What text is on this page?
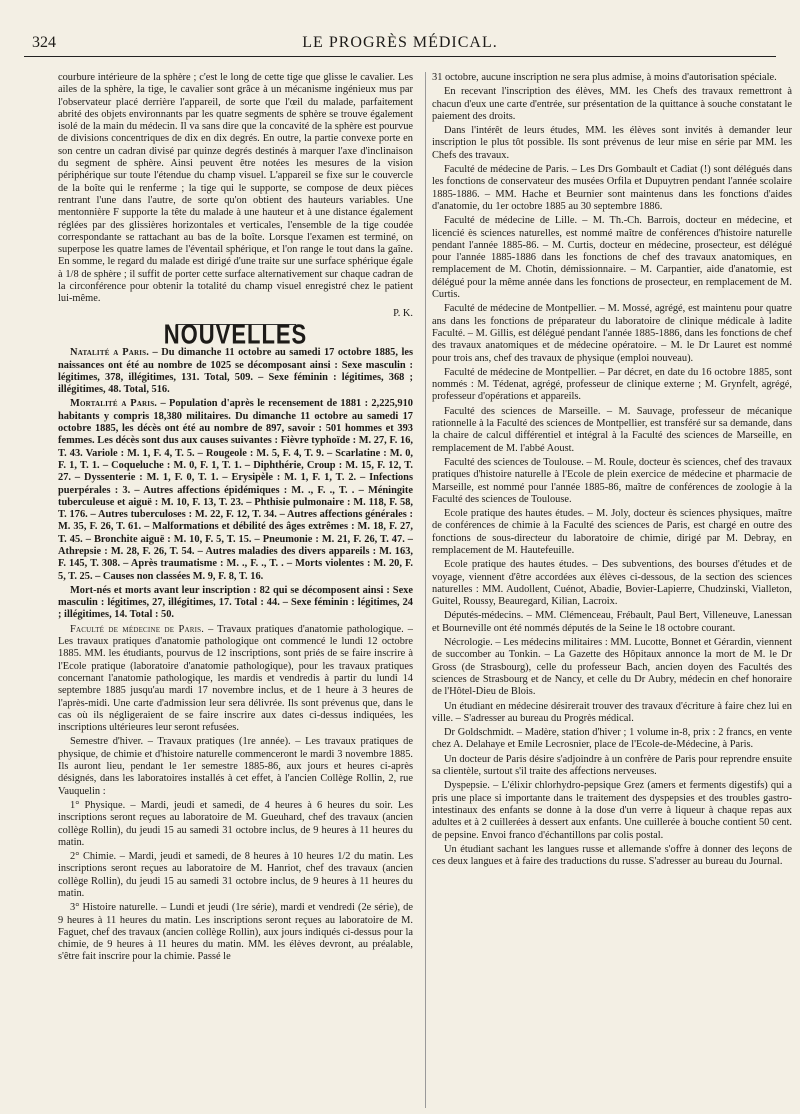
324	LE PROGRÈS MÉDICAL.

courbure intérieure de la sphère ; c'est le long de cette tige que glisse le cavalier. Les ailes de la sphère, la tige, le cavalier sont grâce à un mécanisme ingénieux mus par l'observateur placé derrière l'appareil, de sorte que l'œil du malade, parfaitement abrité des objets environnants par les quatre segments de sphère se trouve également isolé de la main du médecin. Il va sans dire que la concavité de la sphère est pourvue de divisions concentriques de dix en dix degrés. En outre, la partie convexe porte en son centre un cadran divisé par quinze degrés destinés à marquer l'axe d'inclinaison du segment de sphère. Ainsi peuvent être notées les mesures de la vision périphérique sur toute l'étendue du champ visuel. L'appareil se fixe sur le couvercle de la boîte qui le renferme ; la tige qui le supporte, se compose de deux pièces rentrant l'une dans l'autre, de sorte qu'on obtient des hauteurs variables. Une mentonnière F supporte la tête du malade à une hauteur et à une distance également réglées par des glissières horizontales et verticales, l'ensemble de la tige coudée correspondante se rattachant au bas de la boîte. Lorsque l'examen est terminé, on superpose les quatre lames de l'éventail sphérique, et l'on range le tout dans la gaîne. En somme, le regard du malade est dirigé d'une traite sur une surface sphérique égale à 1/8 de sphère ; il suffit de porter cette surface alternativement sur chaque cadran de la circonférence pour obtenir la totalité du champ visuel enregistré chez le patient lui-même.

P. K.
NOUVELLES

Natalité a Paris. – Du dimanche 11 octobre au samedi 17 octobre 1885, les naissances ont été au nombre de 1025 se décomposant ainsi : Sexe masculin : légitimes, 378, illégitimes, 131. Total, 509. – Sexe féminin : légitimes, 368 ; illégitimes, 48. Total, 516.

Mortalité a Paris. – Population d'après le recensement de 1881 : 2,225,910 habitants y compris 18,380 militaires. Du dimanche 11 octobre au samedi 17 octobre 1885, les décès ont été au nombre de 897, savoir : 501 hommes et 393 femmes. Les décès sont dus aux causes suivantes : Fièvre typhoïde : M. 27, F. 16, T. 43. Variole : M. 1, F. 4, T. 5. – Rougeole : M. 5, F. 4, T. 9. – Scarlatine : M. 0, F. 1, T. 1. – Coqueluche : M. 0, F. 1, T. 1. – Diphthérie, Croup : M. 15, F. 12, T. 27. – Dyssenterie : M. 1, F. 0, T. 1. – Erysipèle : M. 1, F. 1, T. 2. – Infections puerpérales : 3. – Autres affections épidémiques : M. ., F. ., T. . – Méningite tuberculeuse et aiguë : M. 10, F. 13, T. 23. – Phthisie pulmonaire : M. 118, F. 58, T. 176. – Autres tuberculoses : M. 22, F. 12, T. 34. – Autres affections générales : M. 35, F. 26, T. 61. – Malformations et débilité des âges extrêmes : M. 18, F. 27, T. 45. – Bronchite aiguë : M. 10, F. 5, T. 15. – Pneumonie : M. 21, F. 26, T. 47. – Athrepsie : M. 28, F. 26, T. 54. – Autres maladies des divers appareils : M. 163, F. 145, T. 308. – Après traumatisme : M. ., F. ., T. . – Morts violentes : M. 20, F. 5, T. 25. – Causes non classées M. 9, F. 8, T. 16.

Mort-nés et morts avant leur inscription : 82 qui se décomposent ainsi : Sexe masculin : légitimes, 27, illégitimes, 17. Total : 44. – Sexe féminin : légitimes, 24 ; illégitimes, 14. Total : 50.

Faculté de médecine de Paris. – Travaux pratiques d'anatomie pathologique. – Les travaux pratiques d'anatomie pathologique ont commencé le lundi 12 octobre 1885. MM. les étudiants, pourvus de 12 inscriptions, sont priés de se faire inscrire à l'Ecole pratique (laboratoire d'anatomie pathologique), pour les travaux pratiques concernant l'anatomie pathologique, les mardis et vendredis à partir du lundi 14 septembre 1885 jusqu'au mardi 17 novembre inclus, et de 1 heure à 3 heures de l'après-midi. Une carte d'admission leur sera délivrée. Ils sont prévenus que, dans le cas où ils négligeraient de se faire inscrire aux dates ci-dessus indiquées, les inscriptions ultérieures leur seront refusées.

Semestre d'hiver. – Travaux pratiques (1re année). – Les travaux pratiques de physique, de chimie et d'histoire naturelle commenceront le mardi 3 novembre 1885. Ils auront lieu, pendant le 1er semestre 1885-86, aux jours et heures ci-après désignés, dans les laboratoires installés à cet effet, à l'ancien Collège Rollin, 2, rue Vauquelin :

1° Physique. – Mardi, jeudi et samedi, de 4 heures à 6 heures du soir. Les inscriptions seront reçues au laboratoire de M. Gueuhard, chef des travaux (ancien collège Rollin), du jeudi 15 au samedi 31 octobre inclus, de 9 heures à 11 heures du matin.

2° Chimie. – Mardi, jeudi et samedi, de 8 heures à 10 heures 1/2 du matin. Les inscriptions seront reçues au laboratoire de M. Hanriot, chef des travaux (ancien collège Rollin), du jeudi 15 au samedi 31 octobre inclus, de 9 heures à 11 heures du matin.

3° Histoire naturelle. – Lundi et jeudi (1re série), mardi et vendredi (2e série), de 9 heures à 11 heures du matin. Les inscriptions seront reçues au laboratoire de M. Faguet, chef des travaux (ancien collège Rollin), aux jours indiqués ci-dessus pour la chimie, de 9 heures à 11 heures du matin. MM. les élèves devront, au préalable, s'être fait inscrire pour la chimie. Passé le

31 octobre, aucune inscription ne sera plus admise, à moins d'autorisation spéciale.

En recevant l'inscription des élèves, MM. les Chefs des travaux remettront à chacun d'eux une carte d'entrée, sur présentation de la quittance à souche constatant le paiement des droits.

Dans l'intérêt de leurs études, MM. les élèves sont invités à demander leur inscription le plus tôt possible. Ils sont prévenus de leur mise en série par MM. les Chefs des travaux.

Faculté de médecine de Paris. – Les Drs Gombault et Cadiat (!) sont délégués dans les fonctions de conservateur des musées Orfila et Dupuytren pendant l'année scolaire 1885-1886. – MM. Hache et Beurnier sont maintenus dans les fonctions d'aides d'anatomie, du 1er octobre 1885 au 30 septembre 1886.

Faculté de médecine de Lille. – M. Th.-Ch. Barrois, docteur en médecine, et licencié ès sciences naturelles, est nommé maître de conférences d'histoire naturelle pendant l'année 1885-86. – M. Curtis, docteur en médecine, prosecteur, est délégué pour l'année 1885-1886 dans les fonctions de chef des travaux anatomiques, en remplacement de M. Chotin, démissionnaire. – M. Carpantier, aide d'anatomie, est délégué pour la même année dans les fonctions de prosecteur, en remplacement de M. Curtis.

Faculté de médecine de Montpellier. – M. Mossé, agrégé, est maintenu pour quatre ans dans les fonctions de préparateur du laboratoire de clinique médicale à ladite Faculté. – M. Gillis, est délégué pendant l'année 1885-1886, dans les fonctions de chef des travaux anatomiques et de médecine opératoire. – M. le Dr Lauret est nommé pour trois ans, chef des travaux de physique (emploi nouveau).

Faculté de médecine de Montpellier. – Par décret, en date du 16 octobre 1885, sont nommés : M. Tédenat, agrégé, professeur de clinique externe ; M. Grynfelt, agrégé, professeur d'opérations et appareils.

Faculté des sciences de Marseille. – M. Sauvage, professeur de mécanique rationnelle à la Faculté des sciences de Montpellier, est transféré sur sa demande, dans la chaire de calcul différentiel et intégral à la Faculté des sciences de Marseille, en remplacement de M. l'abbé Aoust.

Faculté des sciences de Toulouse. – M. Roule, docteur ès sciences, chef des travaux pratiques d'histoire naturelle à l'Ecole de plein exercice de médecine et pharmacie de Marseille, est nommé pour l'année 1885-86, maître de conférences de zoologie à la Faculté des sciences de Toulouse.

Ecole pratique des hautes études. – M. Joly, docteur ès sciences physiques, maître de conférences de chimie à la Faculté des sciences de Paris, est chargé en outre des fonctions de sous-directeur du laboratoire de chimie, dirigé par M. Debray, en remplacement de M. Hautefeuille.

Ecole pratique des hautes études. – Des subventions, des bourses d'études et de voyage, viennent d'être accordées aux élèves ci-dessous, de la section des sciences naturelles : MM. Audollent, Cuénot, Abadie, Bovier-Lapierre, Chudzinski, Vialleton, Guitel, Roussy, Beauregard, Kilian, Lacroix.

Députés-médecins. – MM. Clémenceau, Frébault, Paul Bert, Villeneuve, Lanessan et Bourneville ont été nommés députés de la Seine le 18 octobre courant.

Nécrologie. – Les médecins militaires : MM. Lucotte, Bonnet et Gérardin, viennent de succomber au Tonkin. – La Gazette des Hôpitaux annonce la mort de M. le Dr Gross (de Strasbourg), celle du professeur Bach, ancien doyen des Facultés des sciences de Strasbourg et de Nancy, et celle du Dr Aubry, médecin en chef honoraire de l'Hôtel-Dieu de Blois.

Un étudiant en médecine désirerait trouver des travaux d'écriture à faire chez lui en ville. – S'adresser au bureau du Progrès médical.

Dr Goldschmidt. – Madère, station d'hiver ; 1 volume in-8, prix : 2 francs, en vente chez A. Delahaye et Emile Lecrosnier, place de l'Ecole-de-Médecine, à Paris.

Un docteur de Paris désire s'adjoindre à un confrère de Paris pour reprendre ensuite sa clientèle, surtout s'il traite des affections nerveuses.

Dyspepsie. – L'élixir chlorhydro-pepsique Grez (amers et ferments digestifs) qui a pris une place si importante dans le traitement des dyspepsies et des troubles gastro-intestinaux des enfants se donne à la dose d'un verre à liqueur à chaque repas aux adultes et à 2 cuillerées à dessert aux enfants. Une cuillerée à bouche contient 50 cent. de pepsine. Envoi franco d'échantillons par colis postal.

Un étudiant sachant les langues russe et allemande s'offre à donner des leçons de ces deux langues et à faire des traductions du russe. S'adresser au bureau du Journal.
